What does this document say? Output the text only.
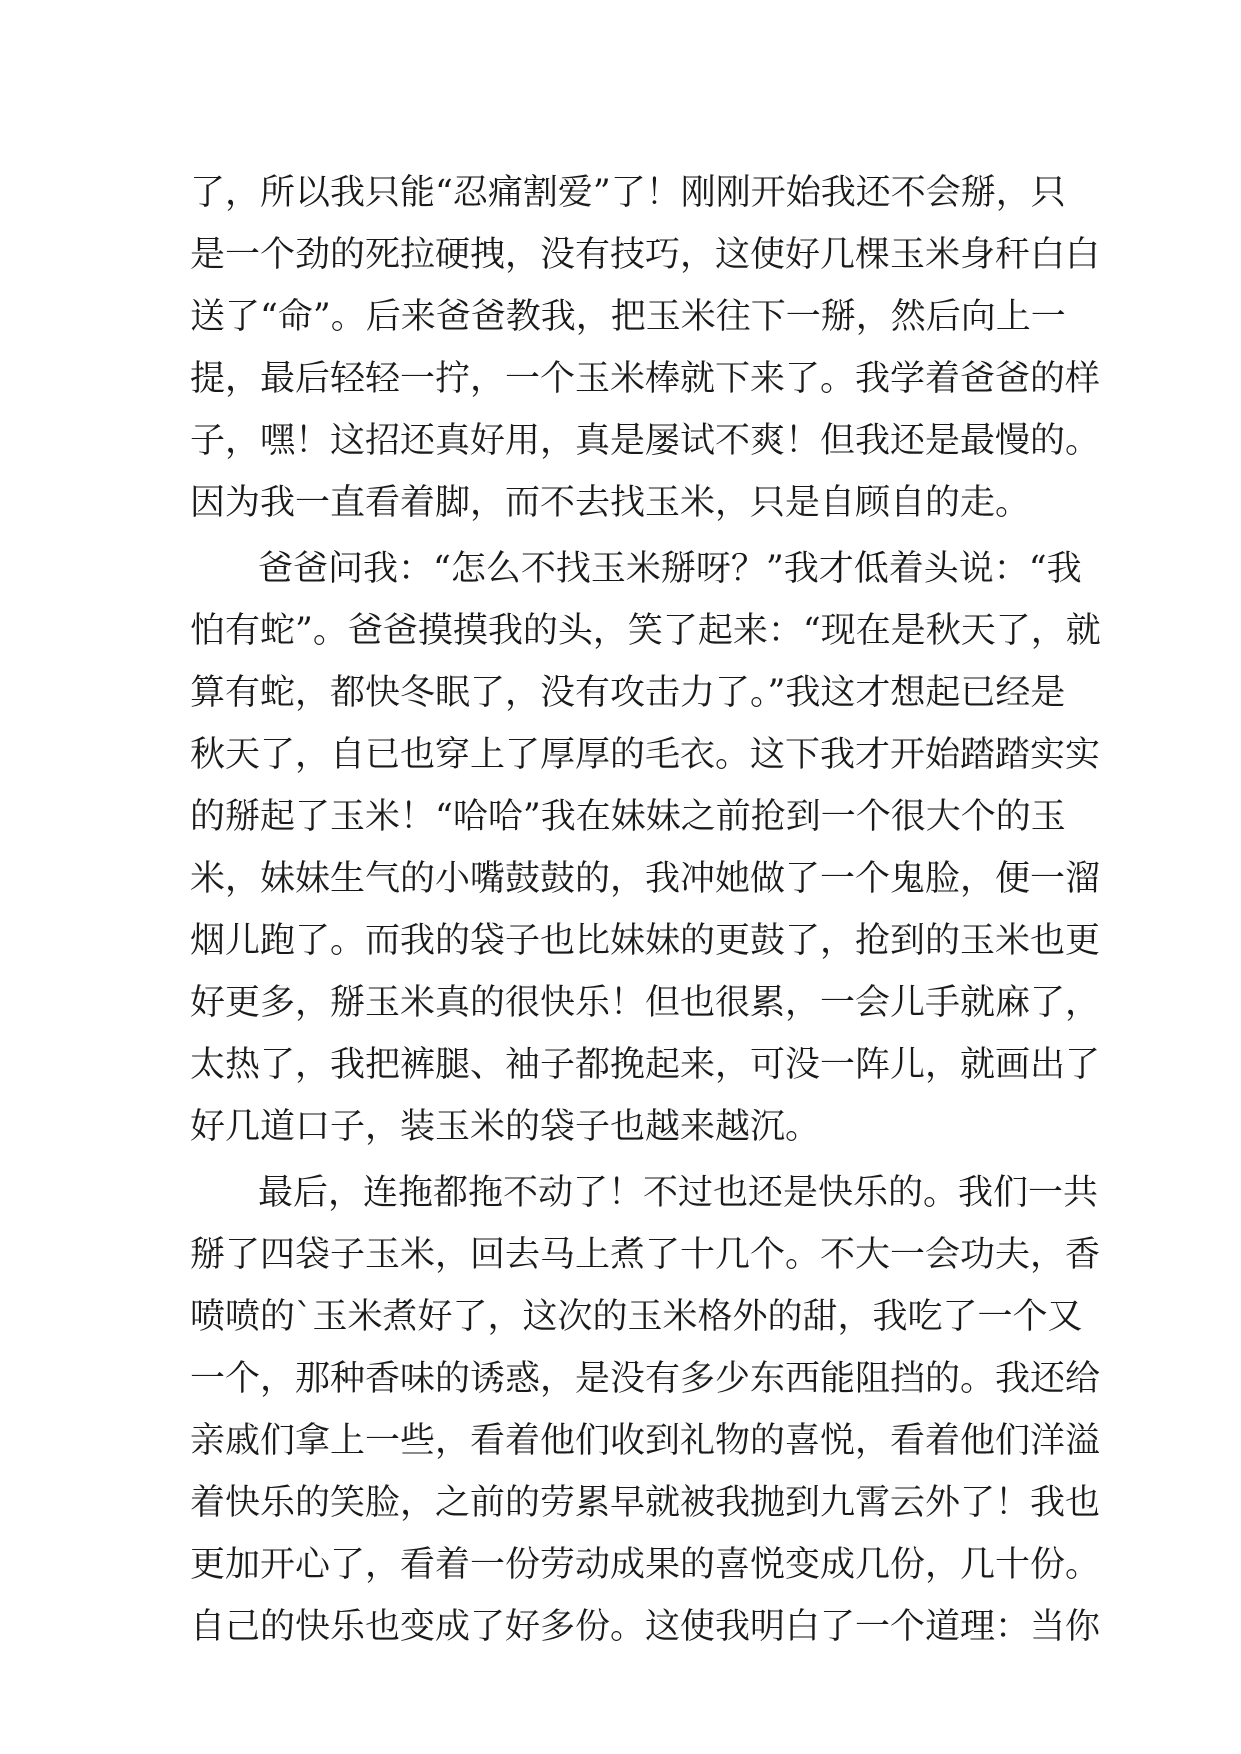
了，所以我只能“忍痛割爱”了！刚刚开始我还不会掰，只
是一个劲的死拉硬拽，没有技巧，这使好几棵玉米身秆白白
送了“命”。后来爸爸教我，把玉米往下一掰，然后向上一
提，最后轻轻一拧，一个玉米棒就下来了。我学着爸爸的样
子，嘿！这招还真好用，真是屡试不爽！但我还是最慢的。
因为我一直看着脚，而不去找玉米，只是自顾自的走。
爸爸问我：“怎么不找玉米掰呀？”我才低着头说：“我
怕有蛇”。爸爸摸摸我的头，笑了起来：“现在是秋天了，就
算有蛇，都快冬眠了，没有攻击力了。”我这才想起已经是
秋天了，自已也穿上了厚厚的毛衣。这下我才开始踏踏实实
的掰起了玉米！“哈哈”我在妹妹之前抢到一个很大个的玉
米，妹妹生气的小嘴鼓鼓的，我冲她做了一个鬼脸，便一溜
烟儿跑了。而我的袋子也比妹妹的更鼓了，抢到的玉米也更
好更多，掰玉米真的很快乐！但也很累，一会儿手就麻了，
太热了，我把裤腿、袖子都挽起来，可没一阵儿，就画出了
好几道口子，装玉米的袋子也越来越沉。
最后，连拖都拖不动了！不过也还是快乐的。我们一共
掰了四袋子玉米，回去马上煮了十几个。不大一会功夫，香
喷喷的`玉米煮好了，这次的玉米格外的甜，我吃了一个又
一个，那种香味的诱惑，是没有多少东西能阻挡的。我还给
亲戚们拿上一些，看着他们收到礼物的喜悦，看着他们洋溢
着快乐的笑脸，之前的劳累早就被我抛到九霄云外了！我也
更加开心了，看着一份劳动成果的喜悦变成几份，几十份。
自己的快乐也变成了好多份。这使我明白了一个道理：当你
